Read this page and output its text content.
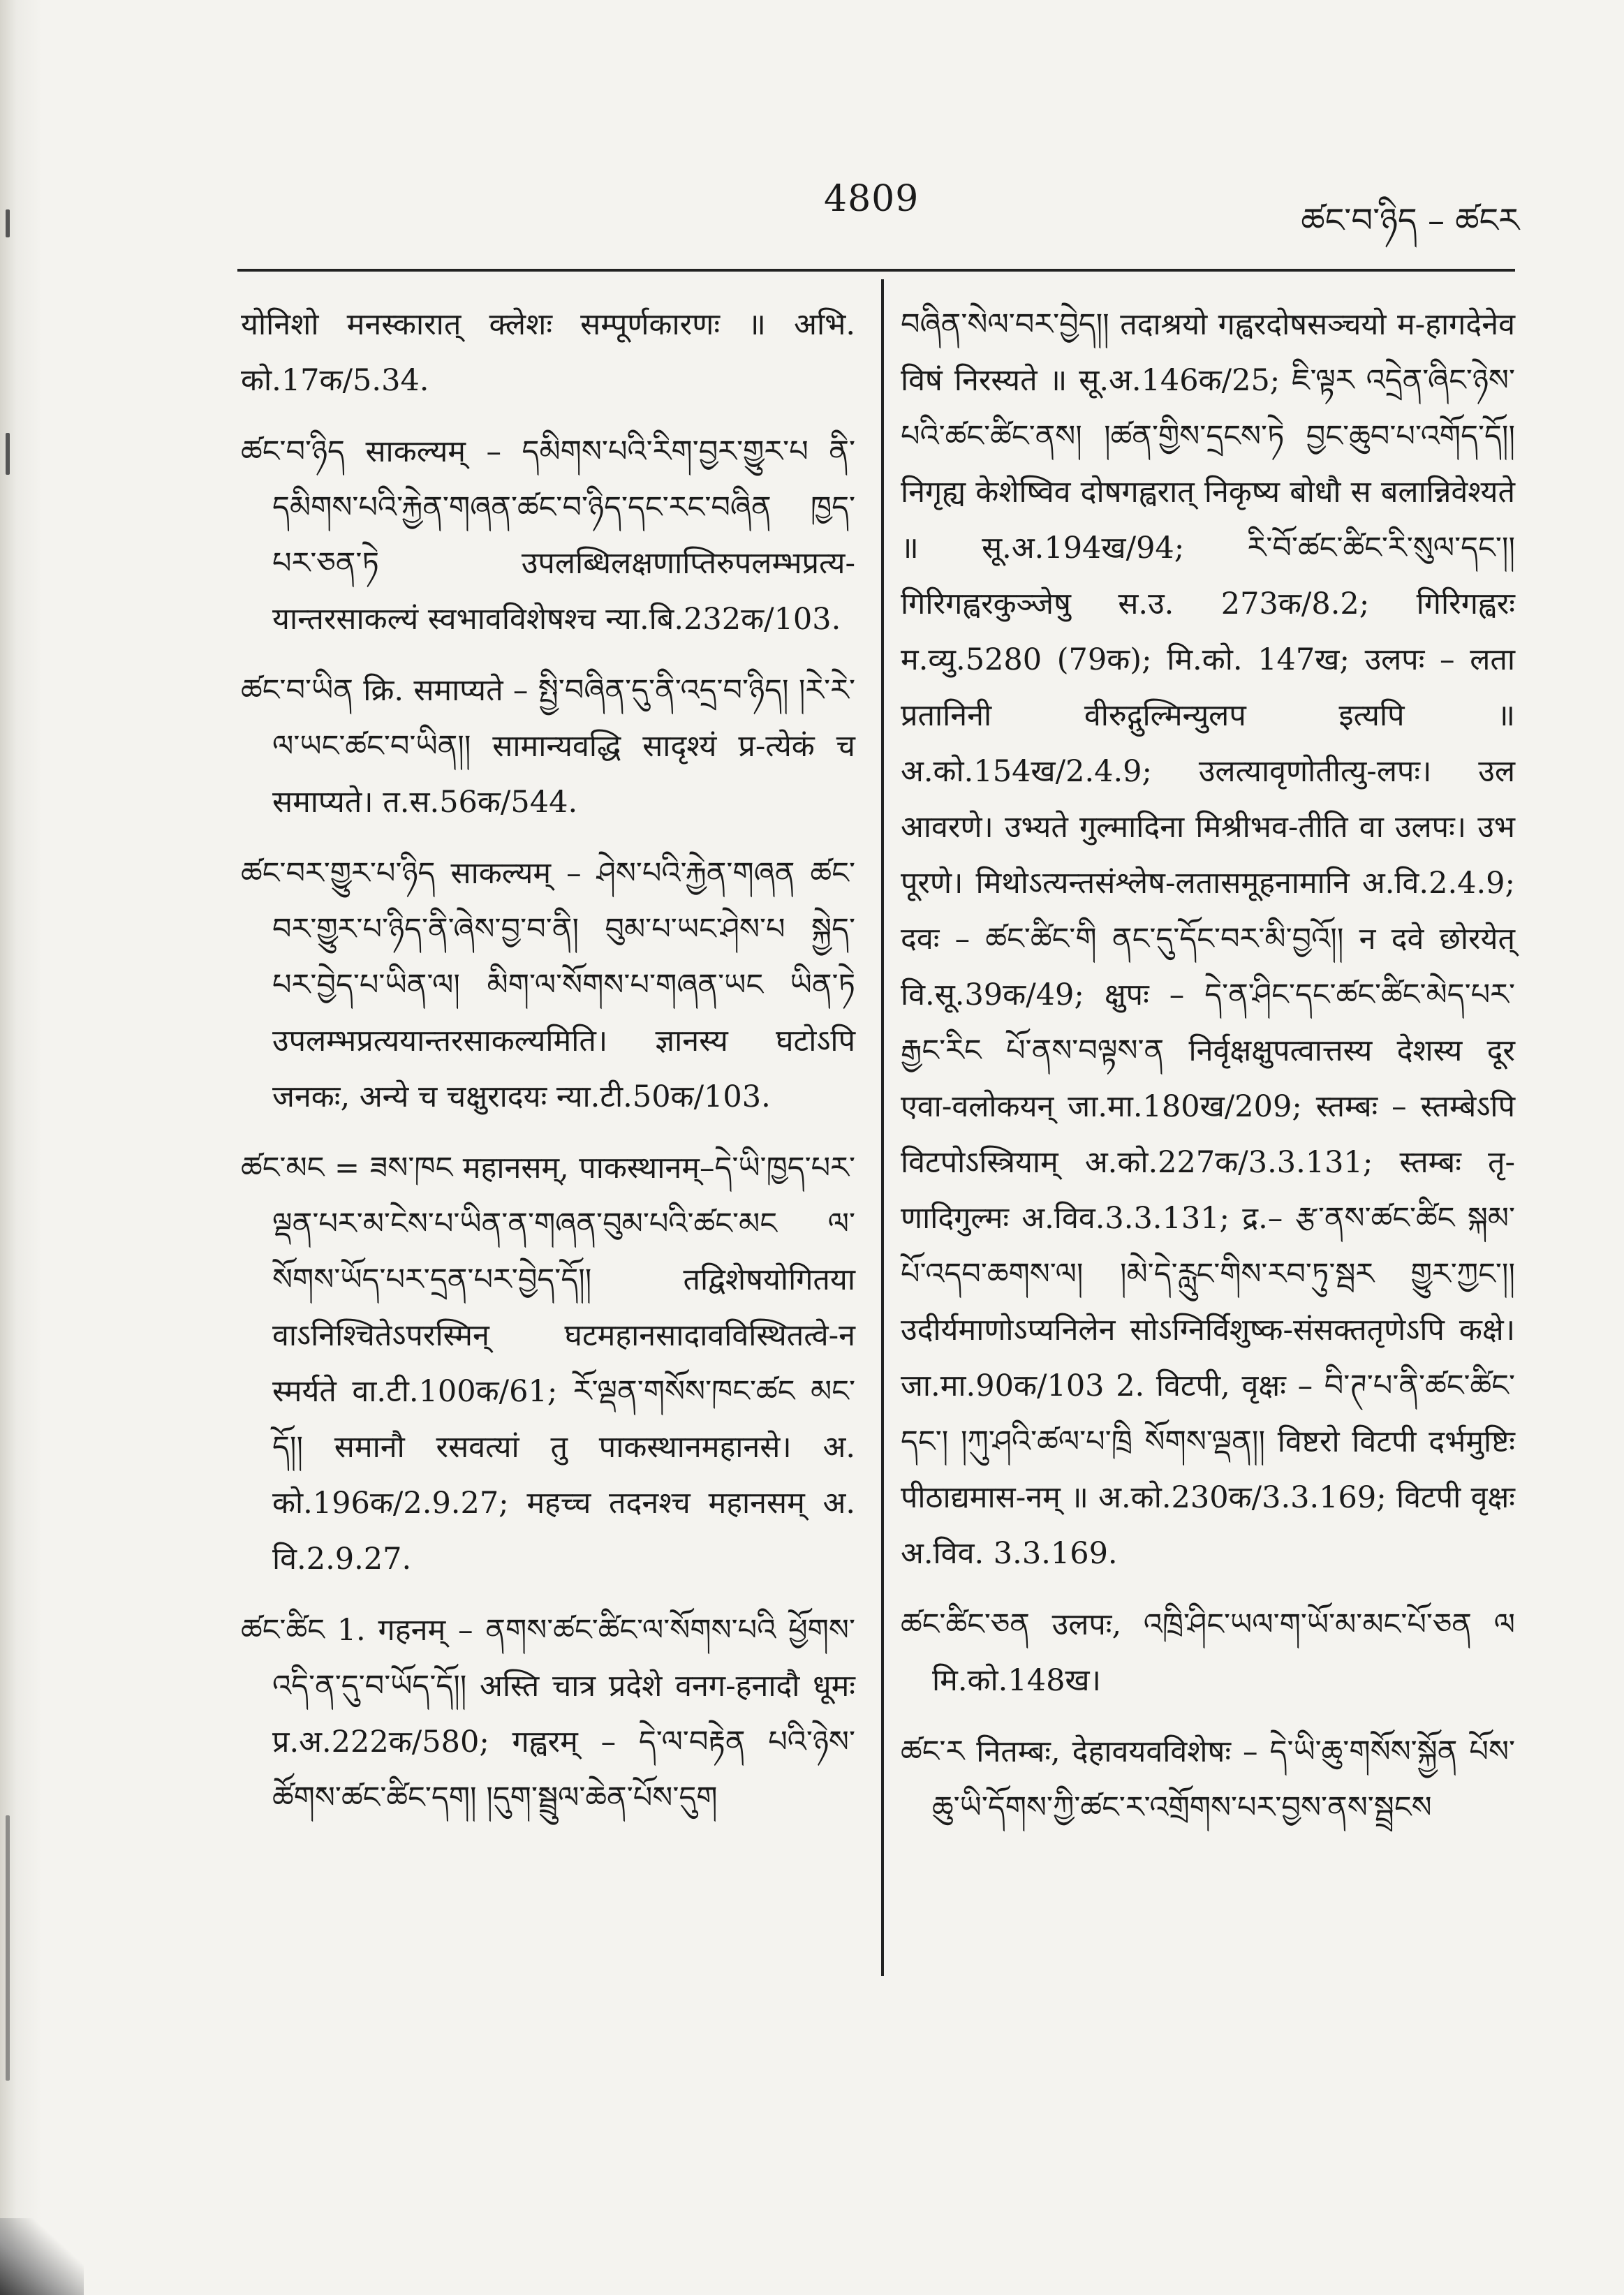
4809
ཚང་བ་ཉིད – ཚངར

योनिशो मनस्कारात् क्लेशः सम्पूर्णकारणः ॥ अभि. को.17क/5.34.

ཚང་བ་ཉིད साकल्यम् – དམིགས་པའི་རིག་བྱར་གྱུར་པ ནི་དམིགས་པའི་རྐྱེན་གཞན་ཚང་བ་ཉིད་དང་རང་བཞིན ཁྱད་པར་ཅན་ཏེ उपलब्धिलक्षणाप्तिरुपलम्भप्रत्य-यान्तरसाकल्यं स्वभावविशेषश्च न्या.बि.232क/103.

ཚང་བ་ཡིན क्रि. समाप्यते – སྤྱི་བཞིན་དུ་ནི་འདྲ་བ་ཉིད། །རེ་རེ་ལ་ཡང་ཚང་བ་ཡིན།། सामान्यवद्धि सादृश्यं प्र-त्येकं च समाप्यते। त.स.56क/544.

ཚང་བར་གྱུར་པ་ཉིད साकल्यम् – ཤེས་པའི་རྐྱེན་གཞན ཚང་བར་གྱུར་པ་ཉིད་ནི་ཞེས་བྱ་བ་ནི། བུམ་པ་ཡང་ཤེས་པ སྐྱེད་པར་བྱེད་པ་ཡིན་ལ། མིག་ལ་སོགས་པ་གཞན་ཡང ཡིན་ཏེ उपलम्भप्रत्ययान्तरसाकल्यमिति। ज्ञानस्य घटोऽपि जनकः, अन्ये च चक्षुरादयः न्या.टी.50क/103.

ཚང་མང = ཟས་ཁང महानसम्, पाकस्थानम्–དེ་ཡི་ཁྱད་པར་ལྡན་པར་མ་ངེས་པ་ཡིན་ན་གཞན་བུམ་པའི་ཚང་མང ལ་སོགས་ཡོད་པར་དྲན་པར་བྱེད་དོ།། तद्विशेषयोगितया वाऽनिश्चितेऽपरस्मिन् घटमहानसादावविस्थितत्वे-न स्मर्यते वा.टी.100क/61; རོ་ལྡན་གསོས་ཁང་ཚང མང་དོ།། समानौ रसवत्यां तु पाकस्थानमहानसे। अ. को.196क/2.9.27; महच्च तदनश्च महानसम् अ. वि.2.9.27.

ཚང་ཚིང 1. गहनम् – ནགས་ཚང་ཚིང་ལ་སོགས་པའི ཕྱོགས་འདི་ན་དུ་བ་ཡོད་དོ།། अस्ति चात्र प्रदेशे वनग-हनादौ धूमः प्र.अ.222क/580; गह्वरम् – དེ་ལ་བརྟེན པའི་ཉེས་ཚོགས་ཚང་ཚིང་དག། །དུག་སྦྲུལ་ཆེན་པོས་དུག

བཞིན་སེལ་བར་བྱེད།། तदाश्रयो गह्वरदोषसञ्चयो म-हागदेनेव विषं निरस्यते ॥ सू.अ.146क/25; ཇི་ལྟར འདྲེན་ཞིང་ཉེས་པའི་ཚང་ཚིང་ནས། །ཚན་གྱིས་དྲངས་ཏེ བྱང་ཆུབ་པ་འགོད་དོ།། निगृह्य केशेष्विव दोषगह्वरात् निकृष्य बोधौ स बलान्निवेश्यते ॥ सू.अ.194ख/94; རི་བོ་ཚང་ཚིང་རི་སུལ་དང་།། गिरिगह्वरकुञ्जेषु स.उ. 273क/8.2; गिरिगह्वरः म.व्यु.5280 (79क); मि.को. 147ख; उलपः – लता प्रतानिनी वीरुद्गुल्मिन्युलप इत्यपि ॥ अ.को.154ख/2.4.9; उलत्यावृणोतीत्यु-लपः। उल आवरणे। उभ्यते गुल्मादिना मिश्रीभव-तीति वा उलपः। उभ पूरणे। मिथोऽत्यन्तसंश्लेष-लतासमूहनामानि अ.वि.2.4.9; दवः – ཚང་ཚིང་གི ནང་དུ་དོང་བར་མི་བྱའོ།། न दवे छोरयेत् वि.सू.39क/49; क्षुपः – དེ་ན་ཤིང་དང་ཚང་ཚིང་མེད་པར་རྒྱང་རིང པོ་ནས་བལྟས་ན निर्वृक्षक्षुपत्वात्तस्य देशस्य दूर एवा-वलोकयन् जा.मा.180ख/209; स्तम्बः – स्तम्बेऽपि विटपोऽस्त्रियाम् अ.को.227क/3.3.131; स्तम्बः तृ-णादिगुल्मः अ.विव.3.3.131; द्र.– རྩ་ནས་ཚང་ཚིང སྐམ་པོ་འདབ་ཆགས་ལ། །མེ་དེ་རླུང་གིས་རབ་ཏུ་སྦར གྱུར་ཀྱང་།། उदीर्यमाणोऽप्यनिलेन सोऽग्निर्विशुष्क-संसक्ततृणेऽपि कक्षे। जा.मा.90क/103 2. विटपी, वृक्षः – བི་ཊ་པ་ནི་ཚང་ཚིང་དང་། །ཀུ་ཤའི་ཚལ་པ་ཁྲི སོགས་ལྡན།། विष्टरो विटपी दर्भमुष्टिः पीठाद्यमास-नम् ॥ अ.को.230क/3.3.169; विटपी वृक्षः अ.विव. 3.3.169.

ཚང་ཚིང་ཅན उलपः, འཁྲི་ཤིང་ཡལ་ག་ཡོ་མ་མང་པོ་ཅན ལ मि.को.148ख।

ཚང་ར नितम्बः, देहावयवविशेषः – དེ་ཡི་ཆུ་གསོས་སྐྱོན པོས་ཆུ་ཡི་དོགས་ཀྱི་ཚང་ར་འགྲོགས་པར་བྱས་ནས་སྦྲངས
